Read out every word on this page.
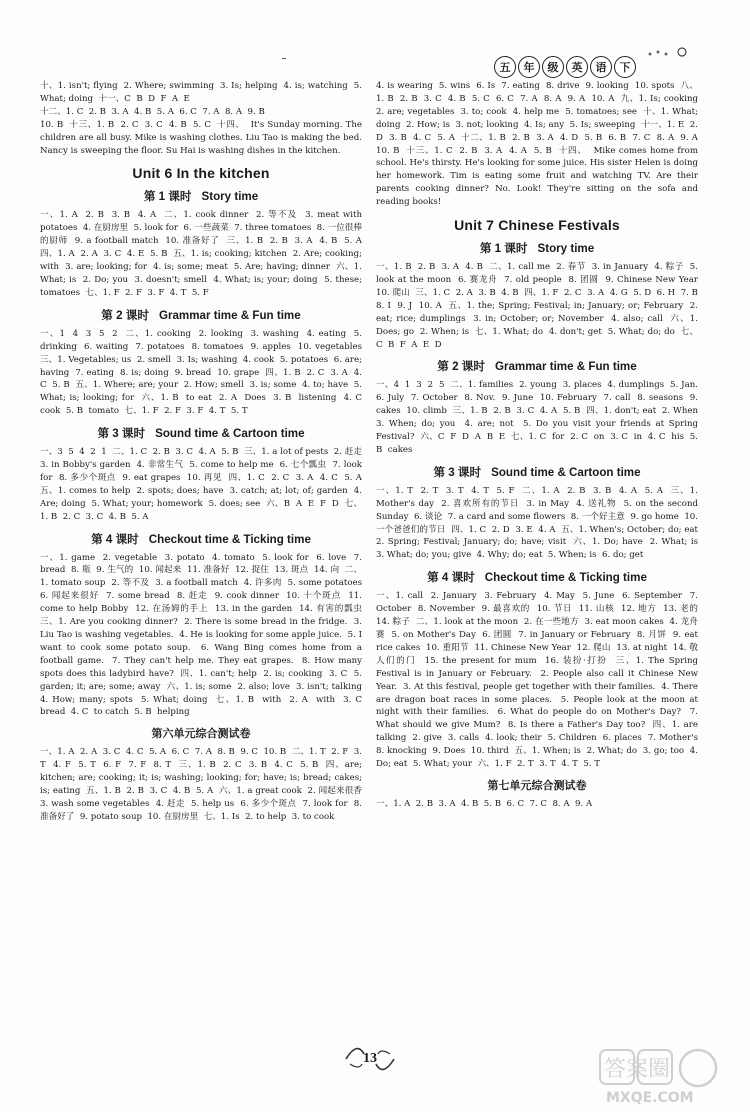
五	年	级	英	语	下

十、1. isn't; flying  2. Where; swimming  3. Is; helping  4. is; watching  5. What; doing  十一、C  B  D  F  A  E
十二、1. C  2. B  3. A  4. B  5. A  6. C  7. A  8. A  9. B
10. B  十三、1. B  2. C  3. C  4. B  5. C  十四、  It's Sunday morning. The children are all busy. Mike is washing clothes. Liu Tao is making the bed. Nancy is sweeping the floor. Su Hai is washing dishes in the kitchen.

Unit 6 In the kitchen
第 1 课时 Story time

一、1. A  2. B  3. B  4. A  二、1. cook dinner  2. 等不及  3. meat with potatoes  4. 在厨房里  5. look for  6. 一些蔬菜  7. three tomatoes  8. 一位很棒的厨师  9. a football match  10. 准备好了  三、1. B  2. B  3. A  4. B  5. A  四、1. A  2. A  3. C  4. E  5. B  五、1. is; cooking; kitchen  2. Are; cooking; with  3. are; looking; for  4. is; some; meat  5. Are; having; dinner  六、1. What; is  2. Do; you  3. doesn't; smell  4. What; is; your; doing  5. these; tomatoes  七、1. F  2. F  3. F  4. T  5. F

第 2 课时 Grammar time & Fun time

一、1  4  3  5  2  二、1. cooking  2. looking  3. washing  4. eating  5. drinking  6. waiting  7. potatoes  8. tomatoes  9. apples  10. vegetables  三、1. Vegetables; us  2. smell  3. Is; washing  4. cook  5. potatoes  6. are; having  7. eating  8. is; doing  9. bread  10. grape  四、1. B  2. C  3. A  4. C  5. B  五、1. Where; are; your  2. How; smell  3. is; some  4. to; have  5. What; is; looking; for  六、1. B  to eat  2. A  Does  3. B  listening  4. C  cook  5. B  tomato  七、1. F  2. F  3. F  4. T  5. T

第 3 课时 Sound time & Cartoon time

一、3  5  4  2  1  二、1. C  2. B  3. C  4. A  5. B  三、1. a lot of pests  2. 赶走  3. in Bobby's garden  4. 非常生气  5. come to help me  6. 七个瓢虫  7. look for  8. 多少个斑点  9. eat grapes  10. 再见  四、1. C  2. C  3. A  4. C  5. A  五、1. comes to help  2. spots; does; have  3. catch; at; lot; of; garden  4. Are; doing  5. What; your; homework  5. does; see  六、B  A  E  F  D  七、1. B  2. C  3. C  4. B  5. A

第 4 课时 Checkout time & Ticking time

一、1. game  2. vegetable  3. potato  4. tomato  5. look for  6. love  7. bread  8. 瓶  9. 生气的  10. 闻起来  11. 准备好  12. 捉住  13. 斑点  14. 向  二、1. tomato soup  2. 等不及  3. a football match  4. 许多肉  5. some potatoes  6. 闻起来很好  7. some bread  8. 赶走  9. cook dinner  10. 十个斑点  11. come to help Bobby  12. 在汤姆的手上  13. in the garden  14. 有害的瓢虫  三、1. Are you cooking dinner?  2. There is some bread in the fridge.  3. Liu Tao is washing vegetables.  4. He is looking for some apple juice.  5. I want to cook some potato soup.  6. Wang Bing comes home from a football game.  7. They can't help me. They eat grapes.  8. How many spots does this ladybird have?  四、1. can't; help  2. is; cooking  3. C  5. garden; it; are; some; away  六、1. is; some  2. also; love  3. isn't; talking  4. How; many; spots  5. What; doing  七、1. B  with  2. A  with  3. C  bread  4. C  to catch  5. B  helping

第六单元综合测试卷

一、1. A  2. A  3. C  4. C  5. A  6. C  7. A  8. B  9. C  10. B  二、1. T  2. F  3. T  4. F  5. T  6. F  7. F  8. T  三、1. B  2. C  3. B  4. C  5. B  四、are; kitchen; are; cooking; it; is; washing; looking; for; have; is; bread; cakes; is; eating  五、1. B  2. B  3. C  4. B  5. A  六、1. a great cook  2. 闻起来很香  3. wash some vegetables  4. 赶走  5. help us  6. 多少个斑点  7. look for  8. 准备好了  9. potato soup  10. 在厨房里  七、1. Is  2. to help  3. to cook

4. is wearing  5. wins  6. Is  7. eating  8. drive  9. looking  10. spots  八、1. B  2. B  3. C  4. B  5. C  6. C  7. A  8. A  9. A  10. A  九、1. Is; cooking  2. are; vegetables  3. to; cook  4. help me  5. tomatoes; see  十、1. What; doing  2. How; is  3. not; looking  4. Is; any  5. Is; sweeping  十一、1. E  2. D  3. B  4. C  5. A  十二、1. B  2. B  3. A  4. D  5. B  6. B  7. C  8. A  9. A  10. B  十三、1. C  2. B  3. A  4. A  5. B  十四、  Mike comes home from school. He's thirsty. He's looking for some juice. His sister Helen is doing her homework. Tim is eating some fruit and watching TV. Are their parents cooking dinner? No. Look! They're sitting on the sofa and reading books!

Unit 7 Chinese Festivals
第 1 课时 Story time

一、1. B  2. B  3. A  4. B  二、1. call me  2. 春节  3. in January  4. 粽子  5. look at the moon  6. 赛龙舟  7. old people  8. 团圆  9. Chinese New Year  10. 爬山  三、1. C  2. A  3. B  4. B  四、1. F  2. C  3. A  4. G  5. D  6. H  7. B  8. I  9. J  10. A  五、1. the; Spring; Festival; in; January; or; February  2. eat; rice; dumplings  3. in; October; or; November  4. also; call  六、1. Does; go  2. When; is  七、1. What; do  4. don't; get  5. What; do; do  七、C  B  F  A  E  D

第 2 课时 Grammar time & Fun time

一、4  1  3  2  5  二、1. families  2. young  3. places  4. dumplings  5. Jan.  6. July  7. October  8. Nov.  9. June  10. February  7. call  8. seasons  9. cakes  10. climb  三、1. B  2. B  3. C  4. A  5. B  四、1. don't; eat  2. When  3. When; do; you  4. are; not  5. Do you visit your friends at Spring Festival?  六、C  F  D  A  B  E  七、1. C  for  2. C  on  3. C  in  4. C  his  5. B  cakes

第 3 课时 Sound time & Cartoon time

一、1. T  2. T  3. T  4. T  5. F  二、1. A  2. B  3. B  4. A  5. A  三、1. Mother's day  2. 喜欢所有的节日  3. in May  4. 送礼物  5. on the second Sunday  6. 谈论  7. a card and some flowers  8. 一个好主意  9. go home  10. 一个爸爸们的节日  四、1. C  2. D  3. E  4. A  五、1. When's; October; do; eat  2. Spring; Festival; January; do; have; visit  六、1. Do; have  2. What; is  3. What; do; you; give  4. Why; do; eat  5. When; is  6. do; get

第 4 课时 Checkout time & Ticking time

一、1. call  2. January  3. February  4. May  5. June  6. September  7. October  8. November  9. 最喜欢的  10. 节日  11. 山核  12. 地方  13. 老的  14. 粽子  二、1. look at the moon  2. 在一些地方  3. eat moon cakes  4. 龙舟赛  5. on Mother's Day  6. 团圆  7. in January or February  8. 月饼  9. eat rice cakes  10. 重阳节  11. Chinese New Year  12. 爬山  13. at night  14. 敬人们的门  15. the present for mum  16. 装扮·打扮  三、1. The Spring Festival is in January or February.  2. People also call it Chinese New Year.  3. At this festival, people get together with their families.  4. There are dragon boat races in some places.  5. People look at the moon at night with their families.  6. What do people do on Mother's Day?  7. What should we give Mum?  8. Is there a Father's Day too?  四、1. are talking  2. give  3. calls  4. look; their  5. Children  6. places  7. Mother's  8. knocking  9. Does  10. third  五、1. When; is  2. What; do  3. go; too  4. Do; eat  5. What; your  六、1. F  2. T  3. T  4. T  5. T

第七单元综合测试卷

一、1. A  2. B  3. A  4. B  5. B  6. C  7. C  8. A  9. A

13	答案圈
MXQE.COM
